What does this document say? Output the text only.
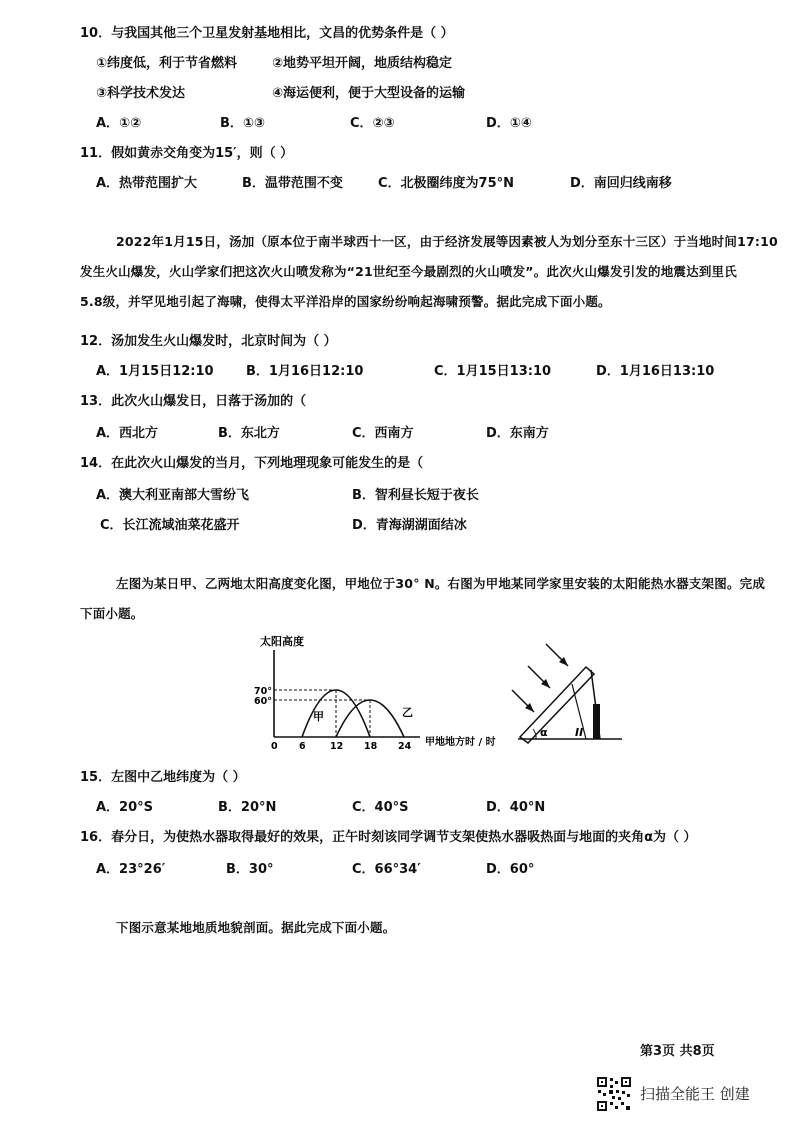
10．与我国其他三个卫星发射基地相比，文昌的优势条件是（ ）
①纬度低，利于节省燃料	②地势平坦开阔，地质结构稳定
③科学技术发达	④海运便利，便于大型设备的运输
A．①②	B．①③	C．②③	D．①④
11．假如黄赤交角变为15′，则（ ）
A．热带范围扩大	B．温带范围不变	C．北极圈纬度为75°N	D．南回归线南移
2022年1月15日，汤加（原本位于南半球西十一区，由于经济发展等因素被人为划分至东十三区）于当地时间17:10
发生火山爆发，火山学家们把这次火山喷发称为“21世纪至今最剧烈的火山喷发”。此次火山爆发引发的地震达到里氏
5.8级，并罕见地引起了海啸，使得太平洋沿岸的国家纷纷响起海啸预警。据此完成下面小题。
12．汤加发生火山爆发时，北京时间为（ ）
A．1月15日12:10 B．1月16日12:10	C．1月15日13:10	D．1月16日13:10
13．此次火山爆发日，日落于汤加的（
A．西北方	B．东北方	C．西南方	D．东南方
14．在此次火山爆发的当月，下列地理现象可能发生的是（
A．澳大利亚南部大雪纷飞	B．智利昼长短于夜长
C．长江流域油菜花盛开	D．青海湖湖面结冰
左图为某日甲、乙两地太阳高度变化图，甲地位于30° N。右图为甲地某同学家里安装的太阳能热水器支架图。完成
下面小题。
太阳高度
70°
60°
甲	乙
0 6	12 18 24 甲地地方时 / 时
α II
15．左图中乙地纬度为（ ）
A．20°S	B．20°N	C．40°S	D．40°N
16．春分日，为使热水器取得最好的效果，正午时刻该同学调节支架使热水器吸热面与地面的夹角α为（ ）
A．23°26′	B．30°	C．66°34′	D．60°
下图示意某地地质地貌剖面。据此完成下面小题。
第3页 共8页
扫描全能王 创建
